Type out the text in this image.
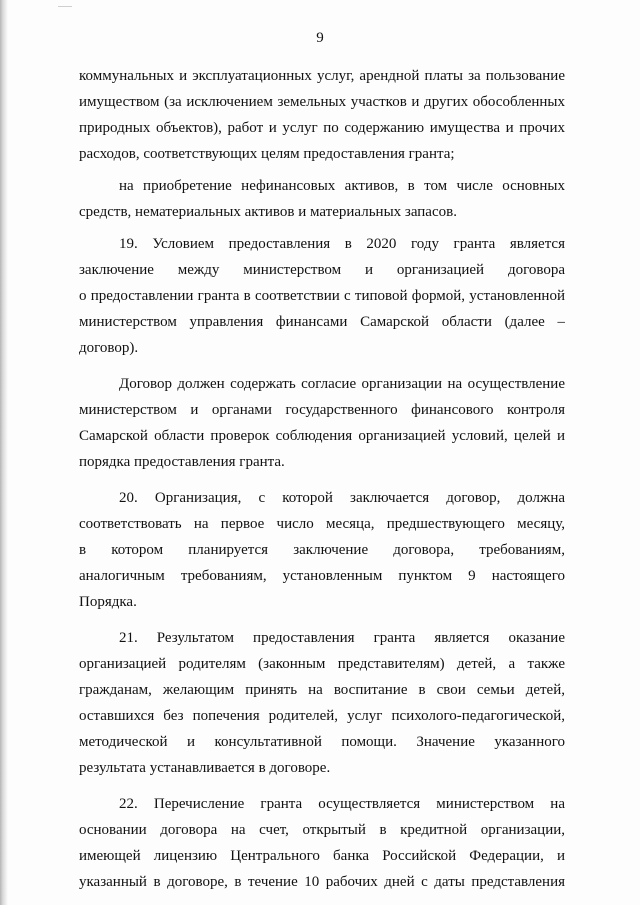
9
коммунальных и эксплуатационных услуг, арендной платы за пользование
имуществом (за исключением земельных участков и других обособленных
природных объектов), работ и услуг по содержанию имущества и прочих
расходов, соответствующих целям предоставления гранта;
на приобретение нефинансовых активов, в том числе основных
средств, нематериальных активов и материальных запасов.
19. Условием предоставления в 2020 году гранта является
заключение между министерством и организацией договора
о предоставлении гранта в соответствии с типовой формой, установленной
министерством управления финансами Самарской области (далее –
договор).
Договор должен содержать согласие организации на осуществление
министерством и органами государственного финансового контроля
Самарской области проверок соблюдения организацией условий, целей и
порядка предоставления гранта.
20. Организация, с которой заключается договор, должна
соответствовать на первое число месяца, предшествующего месяцу,
в котором планируется заключение договора, требованиям,
аналогичным требованиям, установленным пунктом 9 настоящего
Порядка.
21. Результатом предоставления гранта является оказание
организацией родителям (законным представителям) детей, а также
гражданам, желающим принять на воспитание в свои семьи детей,
оставшихся без попечения родителей, услуг психолого-педагогической,
методической и консультативной помощи. Значение указанного
результата устанавливается в договоре.
22. Перечисление гранта осуществляется министерством на
основании договора на счет, открытый в кредитной организации,
имеющей лицензию Центрального банка Российской Федерации, и
указанный в договоре, в течение 10 рабочих дней с даты представления
